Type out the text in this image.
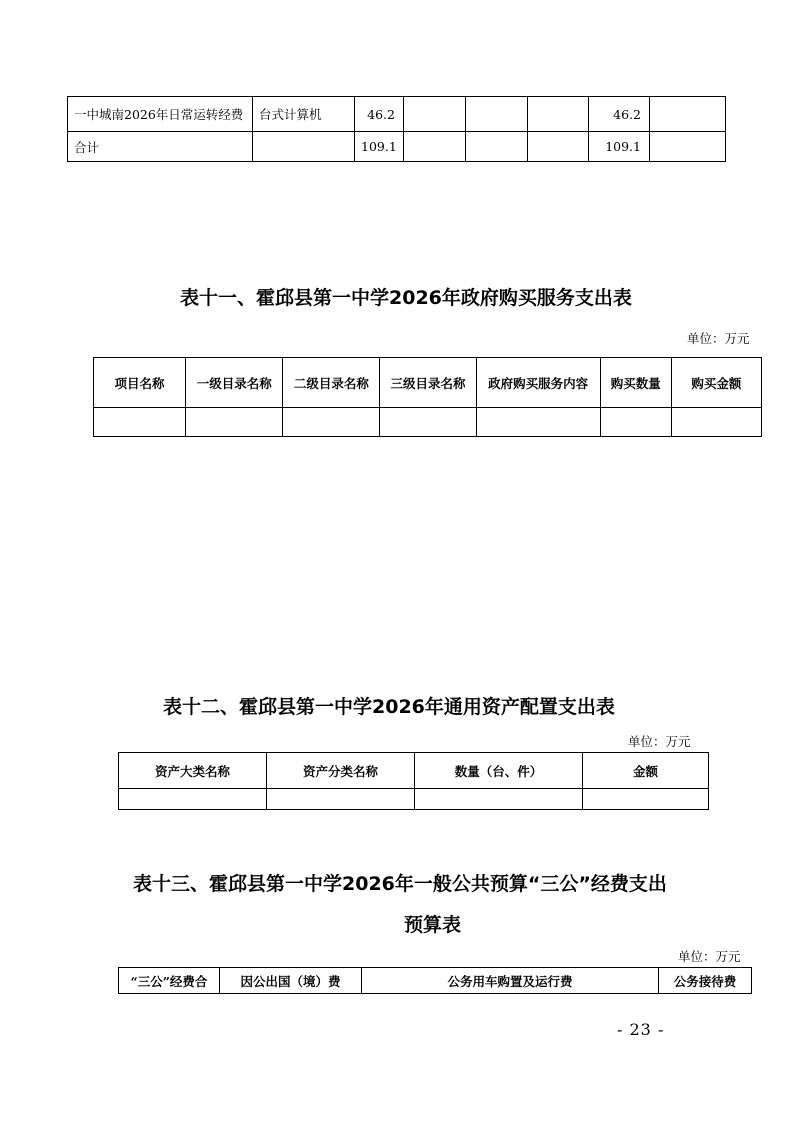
一中城南2026年日常运转经费	台式计算机	46.2				46.2	
合计		109.1				109.1	
表十一、霍邱县第一中学2026年政府购买服务支出表
单位：万元
项目名称	一级目录名称	二级目录名称	三级目录名称	政府购买服务内容	购买数量	购买金额

表十二、霍邱县第一中学2026年通用资产配置支出表
单位：万元
资产大类名称	资产分类名称	数量（台、件）	金额

表十三、霍邱县第一中学2026年一般公共预算“三公”经费支出
预算表
单位：万元
“三公”经费合	因公出国（境）费	公务用车购置及运行费	公务接待费
- 23 -
